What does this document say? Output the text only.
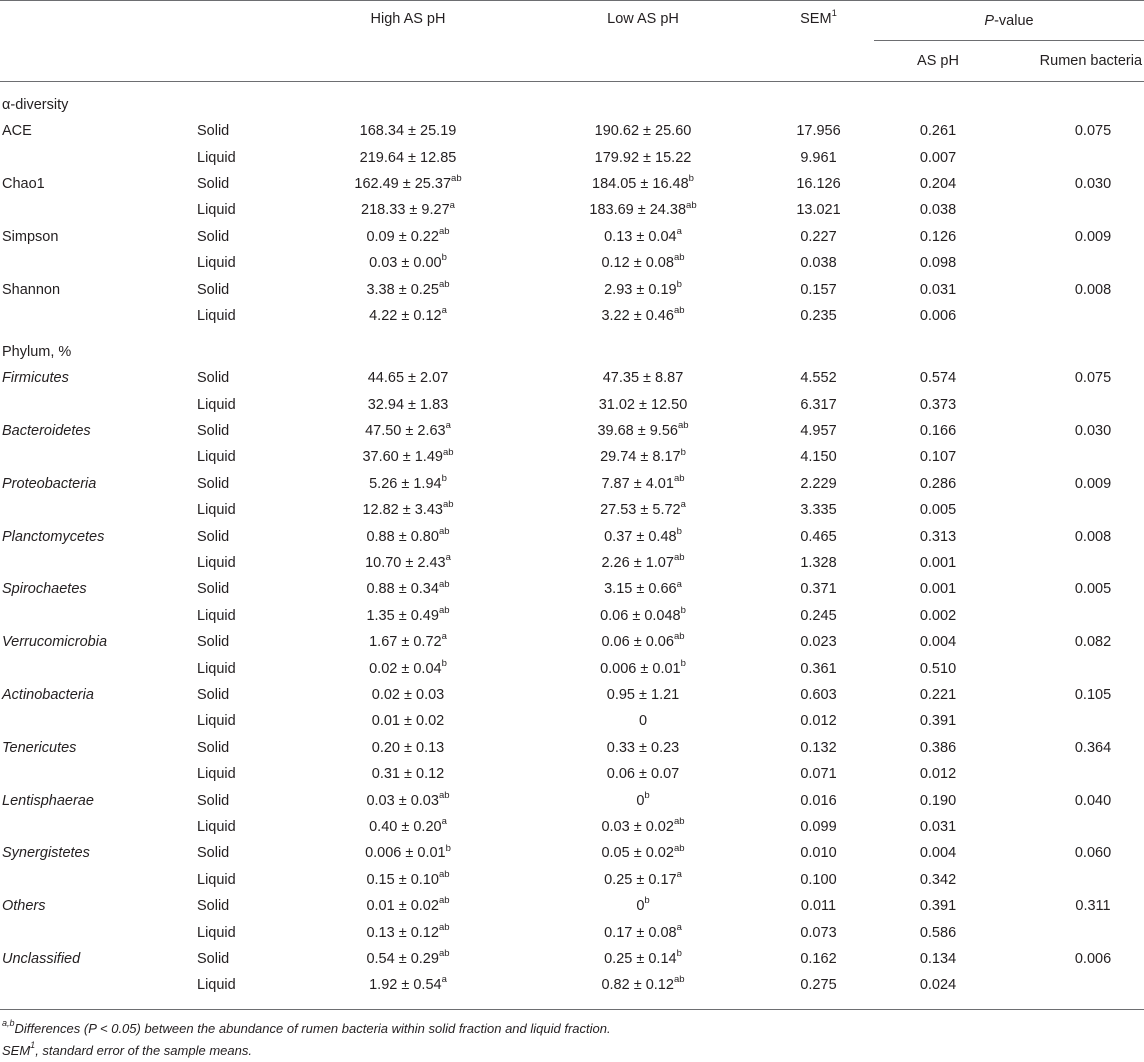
		High AS pH	Low AS pH	SEM$^1$	P-value	
					AS pH	Rumen bacteria

α-diversity						
ACE	Solid	168.34 ± 25.19	190.62 ± 25.60	17.956	0.261	0.075
	Liquid	219.64 ± 12.85	179.92 ± 15.22	9.961	0.007	
Chao1	Solid	162.49 ± 25.37$^{ab}$	184.05 ± 16.48$^b$	16.126	0.204	0.030
	Liquid	218.33 ± 9.27$^a$	183.69 ± 24.38$^{ab}$	13.021	0.038	
Simpson	Solid	0.09 ± 0.22$^{ab}$	0.13 ± 0.04$^a$	0.227	0.126	0.009
	Liquid	0.03 ± 0.00$^b$	0.12 ± 0.08$^{ab}$	0.038	0.098	
Shannon	Solid	3.38 ± 0.25$^{ab}$	2.93 ± 0.19$^b$	0.157	0.031	0.008
	Liquid	4.22 ± 0.12$^a$	3.22 ± 0.46$^{ab}$	0.235	0.006	

Phylum, %						
Firmicutes	Solid	44.65 ± 2.07	47.35 ± 8.87	4.552	0.574	0.075
	Liquid	32.94 ± 1.83	31.02 ± 12.50	6.317	0.373	
Bacteroidetes	Solid	47.50 ± 2.63$^a$	39.68 ± 9.56$^{ab}$	4.957	0.166	0.030
	Liquid	37.60 ± 1.49$^{ab}$	29.74 ± 8.17$^b$	4.150	0.107	
Proteobacteria	Solid	5.26 ± 1.94$^b$	7.87 ± 4.01$^{ab}$	2.229	0.286	0.009
	Liquid	12.82 ± 3.43$^{ab}$	27.53 ± 5.72$^a$	3.335	0.005	
Planctomycetes	Solid	0.88 ± 0.80$^{ab}$	0.37 ± 0.48$^b$	0.465	0.313	0.008
	Liquid	10.70 ± 2.43$^a$	2.26 ± 1.07$^{ab}$	1.328	0.001	
Spirochaetes	Solid	0.88 ± 0.34$^{ab}$	3.15 ± 0.66$^a$	0.371	0.001	0.005
	Liquid	1.35 ± 0.49$^{ab}$	0.06 ± 0.048$^b$	0.245	0.002	
Verrucomicrobia	Solid	1.67 ± 0.72$^a$	0.06 ± 0.06$^{ab}$	0.023	0.004	0.082
	Liquid	0.02 ± 0.04$^b$	0.006 ± 0.01$^b$	0.361	0.510	
Actinobacteria	Solid	0.02 ± 0.03	0.95 ± 1.21	0.603	0.221	0.105
	Liquid	0.01 ± 0.02	0	0.012	0.391	
Tenericutes	Solid	0.20 ± 0.13	0.33 ± 0.23	0.132	0.386	0.364
	Liquid	0.31 ± 0.12	0.06 ± 0.07	0.071	0.012	
Lentisphaerae	Solid	0.03 ± 0.03$^{ab}$	0$^b$	0.016	0.190	0.040
	Liquid	0.40 ± 0.20$^a$	0.03 ± 0.02$^{ab}$	0.099	0.031	
Synergistetes	Solid	0.006 ± 0.01$^b$	0.05 ± 0.02$^{ab}$	0.010	0.004	0.060
	Liquid	0.15 ± 0.10$^{ab}$	0.25 ± 0.17$^a$	0.100	0.342	
Others	Solid	0.01 ± 0.02$^{ab}$	0$^b$	0.011	0.391	0.311
	Liquid	0.13 ± 0.12$^{ab}$	0.17 ± 0.08$^a$	0.073	0.586	
Unclassified	Solid	0.54 ± 0.29$^{ab}$	0.25 ± 0.14$^b$	0.162	0.134	0.006
	Liquid	1.92 ± 0.54$^a$	0.82 ± 0.12$^{ab}$	0.275	0.024	

$^{a,b}$Differences (P < 0.05) between the abundance of rumen bacteria within solid fraction and liquid fraction.
SEM$^1$, standard error of the sample means.
